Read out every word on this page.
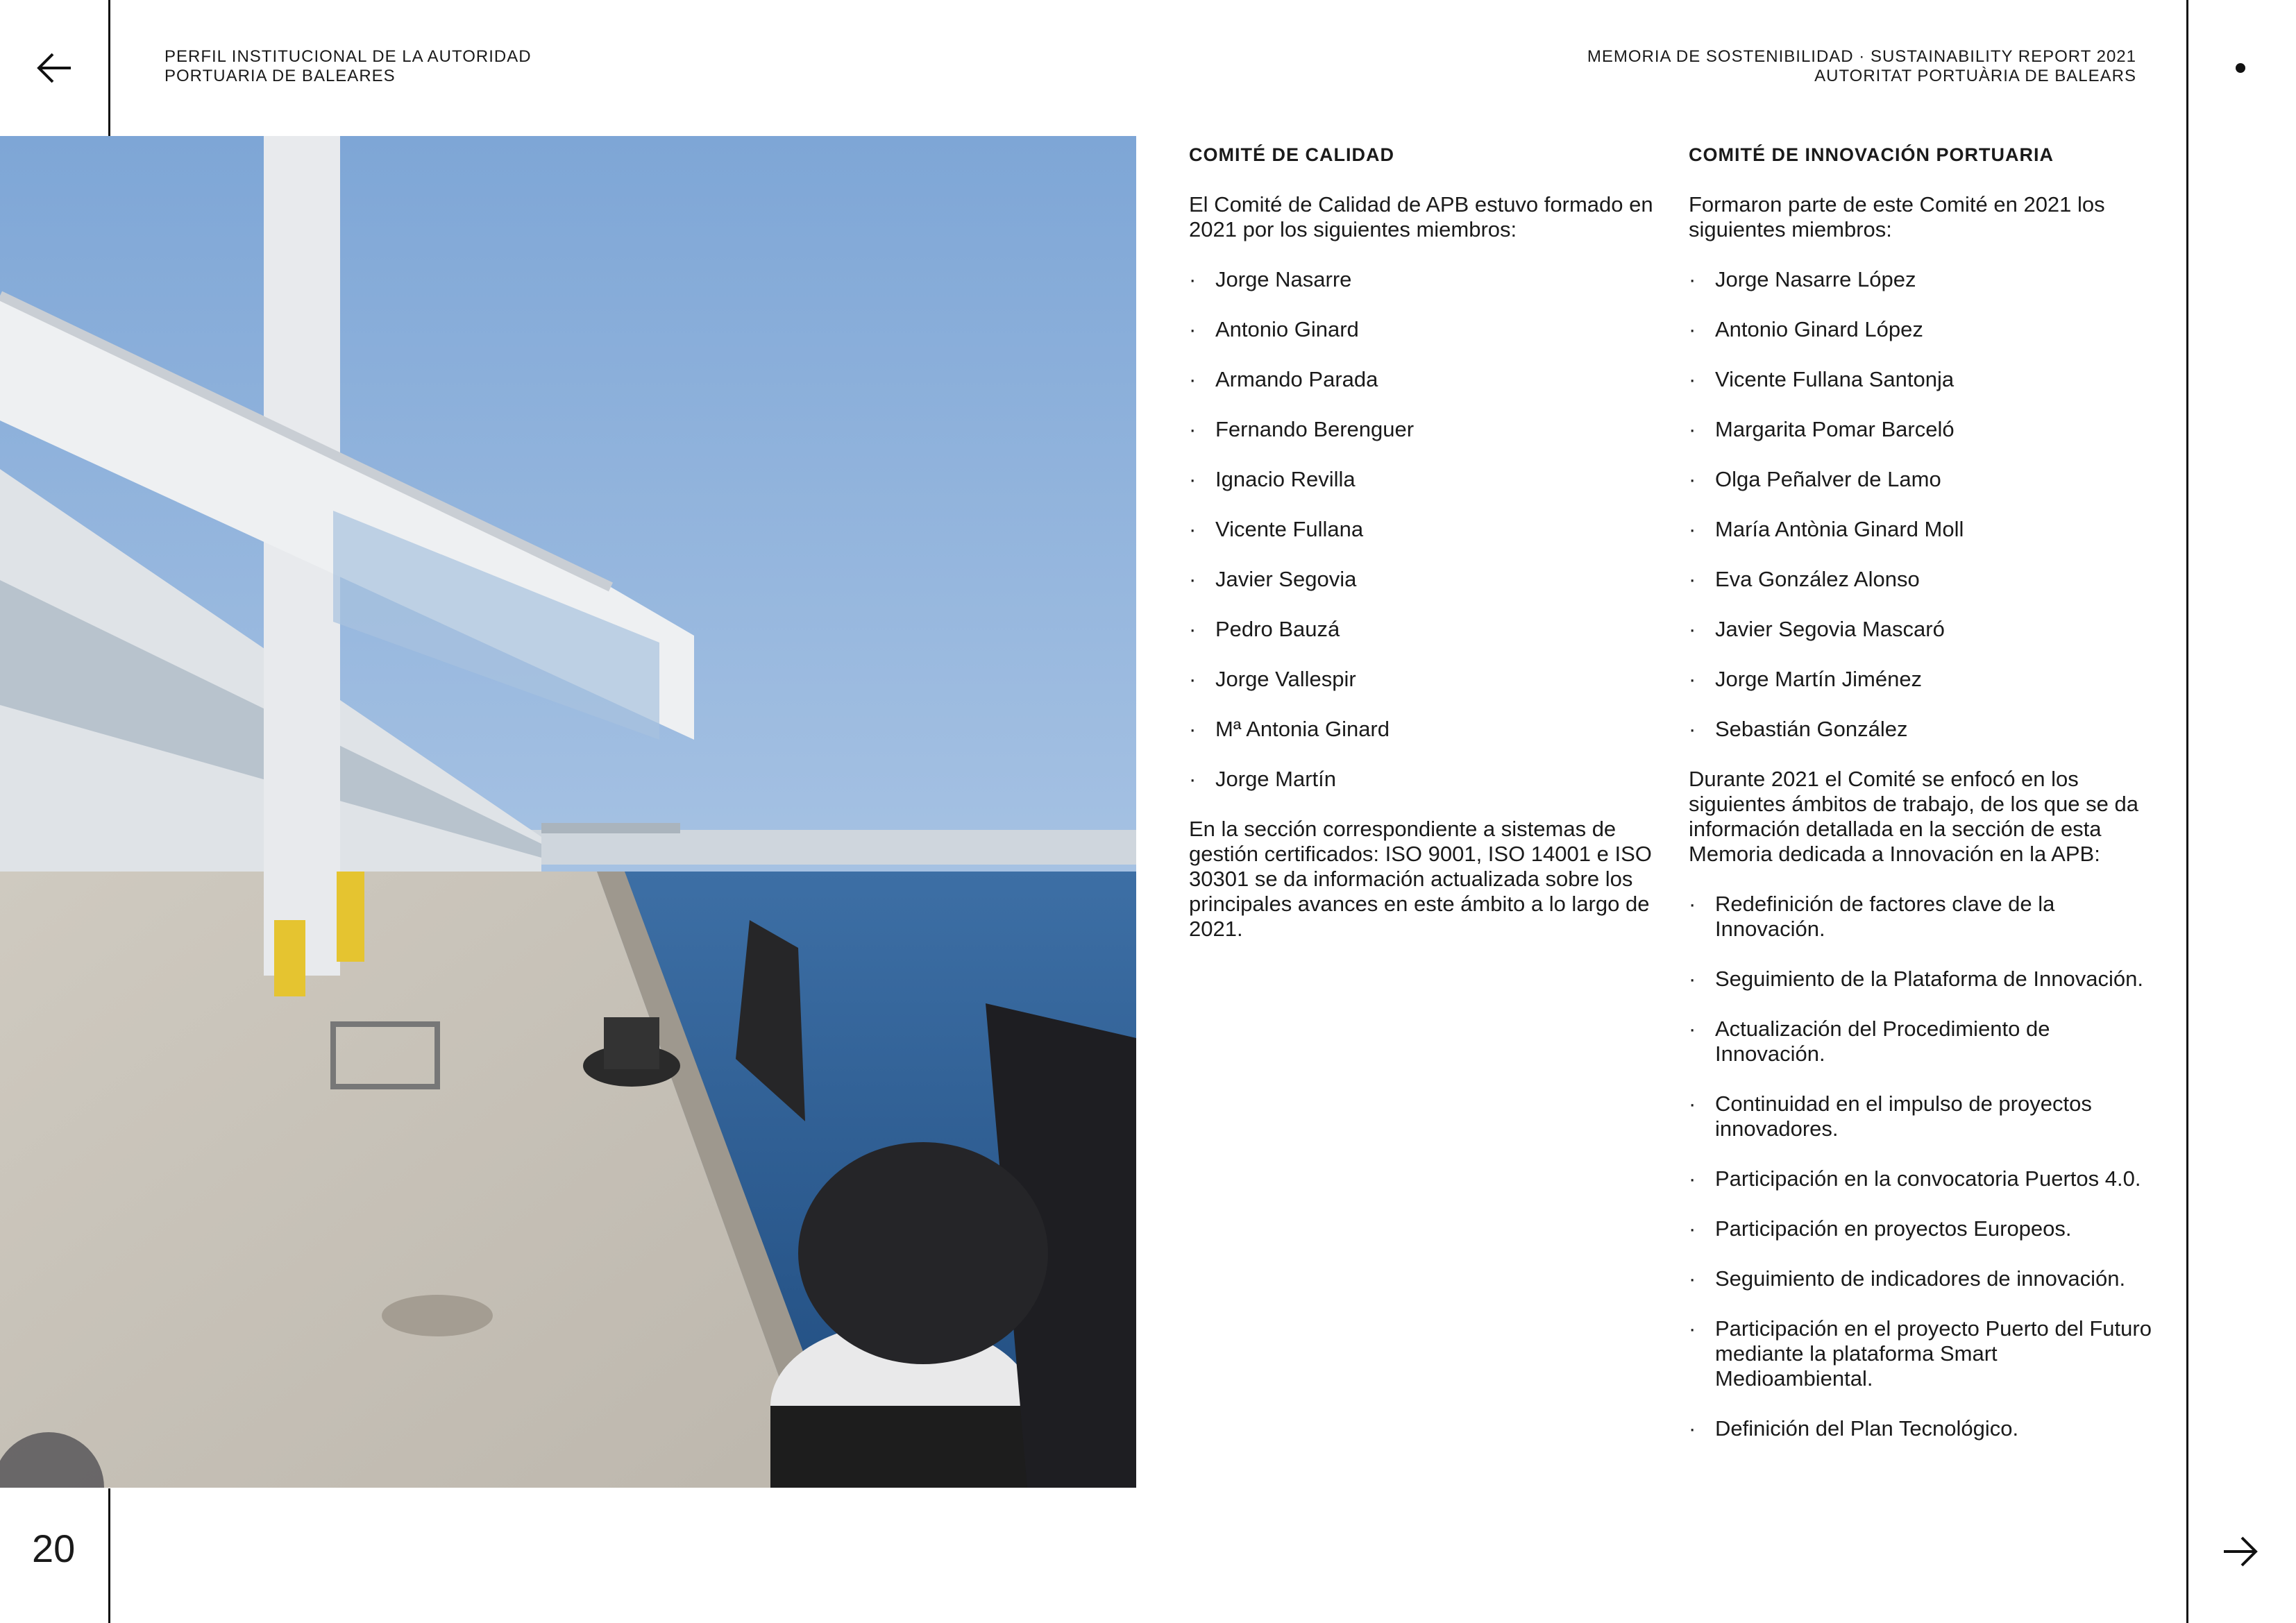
PERFIL INSTITUCIONAL DE LA AUTORIDAD
PORTUARIA DE BALEARES
MEMORIA DE SOSTENIBILIDAD · SUSTAINABILITY REPORT 2021
AUTORITAT PORTUÀRIA DE BALEARS
20
COMITÉ DE CALIDAD

El Comité de Calidad de APB estuvo formado en 2021 por los siguientes miembros:

· Jorge Nasarre
· Antonio Ginard
· Armando Parada
· Fernando Berenguer
· Ignacio Revilla
· Vicente Fullana
· Javier Segovia
· Pedro Bauzá
· Jorge Vallespir
· Mª Antonia Ginard
· Jorge Martín

En la sección correspondiente a sistemas de gestión certificados: ISO 9001, ISO 14001 e ISO 30301 se da información actualizada sobre los principales avances en este ámbito a lo largo de 2021.

COMITÉ DE INNOVACIÓN PORTUARIA

Formaron parte de este Comité en 2021 los siguientes miembros:

· Jorge Nasarre López
· Antonio Ginard López
· Vicente Fullana Santonja
· Margarita Pomar Barceló
· Olga Peñalver de Lamo
· María Antònia Ginard Moll
· Eva González Alonso
· Javier Segovia Mascaró
· Jorge Martín Jiménez
· Sebastián González

Durante 2021 el Comité se enfocó en los siguientes ámbitos de trabajo, de los que se da información detallada en la sección de esta Memoria dedicada a Innovación en la APB:

· Redefinición de factores clave de la Innovación.
· Seguimiento de la Plataforma de Innovación.
· Actualización del Procedimiento de Innovación.
· Continuidad en el impulso de proyectos innovadores.
· Participación en la convocatoria Puertos 4.0.
· Participación en proyectos Europeos.
· Seguimiento de indicadores de innovación.
· Participación en el proyecto Puerto del Futuro mediante la plataforma Smart Medioambiental.
· Definición del Plan Tecnológico.
